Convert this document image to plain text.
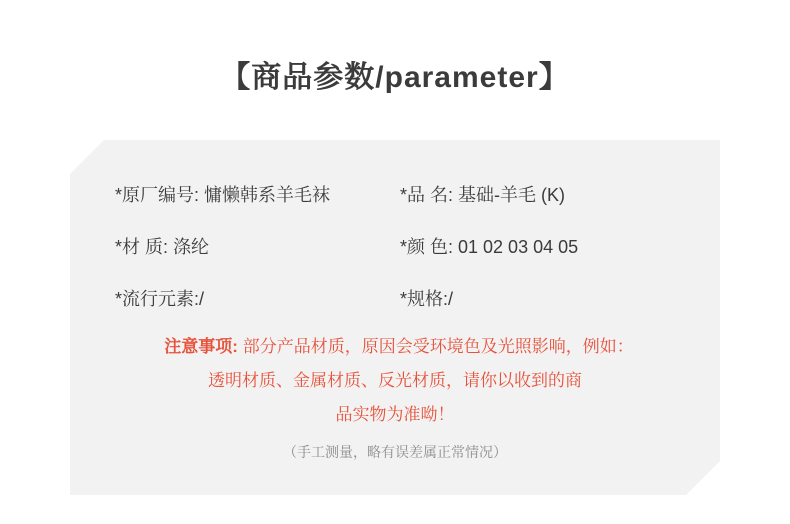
【商品参数/parameter】
*原厂编号: 慵懒韩系羊毛袜	*品 名: 基础-羊毛 (K)
*材 质: 涤纶	*颜 色: 01 02 03 04 05
*流行元素:/	*规格:/
注意事项: 部分产品材质，原因会受环境色及光照影响，例如：
透明材质、金属材质、反光材质，请你以收到的商
品实物为准呦！
（手工测量，略有误差属正常情况）
